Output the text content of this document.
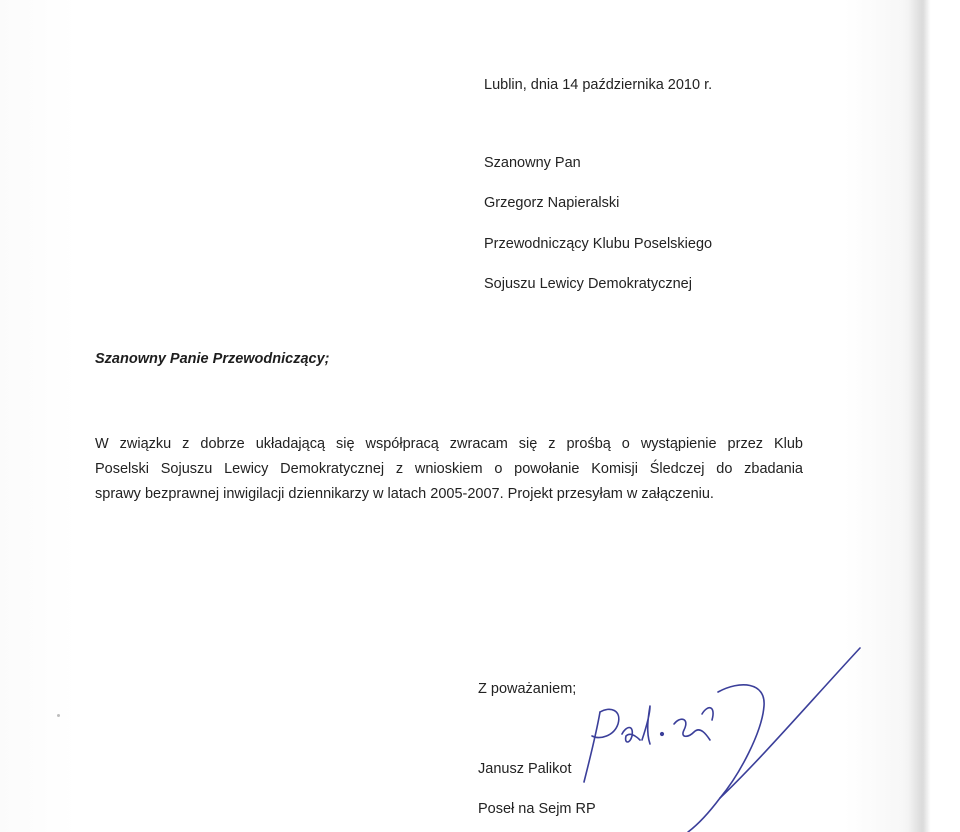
Lublin, dnia 14 października 2010 r.
Szanowny Pan
Grzegorz Napieralski
Przewodniczący Klubu Poselskiego
Sojuszu Lewicy Demokratycznej
Szanowny Panie Przewodniczący;
W związku z dobrze układającą się współpracą zwracam się z prośbą o wystąpienie przez Klub
Poselski Sojuszu Lewicy Demokratycznej z wnioskiem o powołanie Komisji Śledczej do zbadania
sprawy bezprawnej inwigilacji dziennikarzy w latach 2005-2007. Projekt przesyłam w załączeniu.
Z poważaniem;
Janusz Palikot
Poseł na Sejm RP
